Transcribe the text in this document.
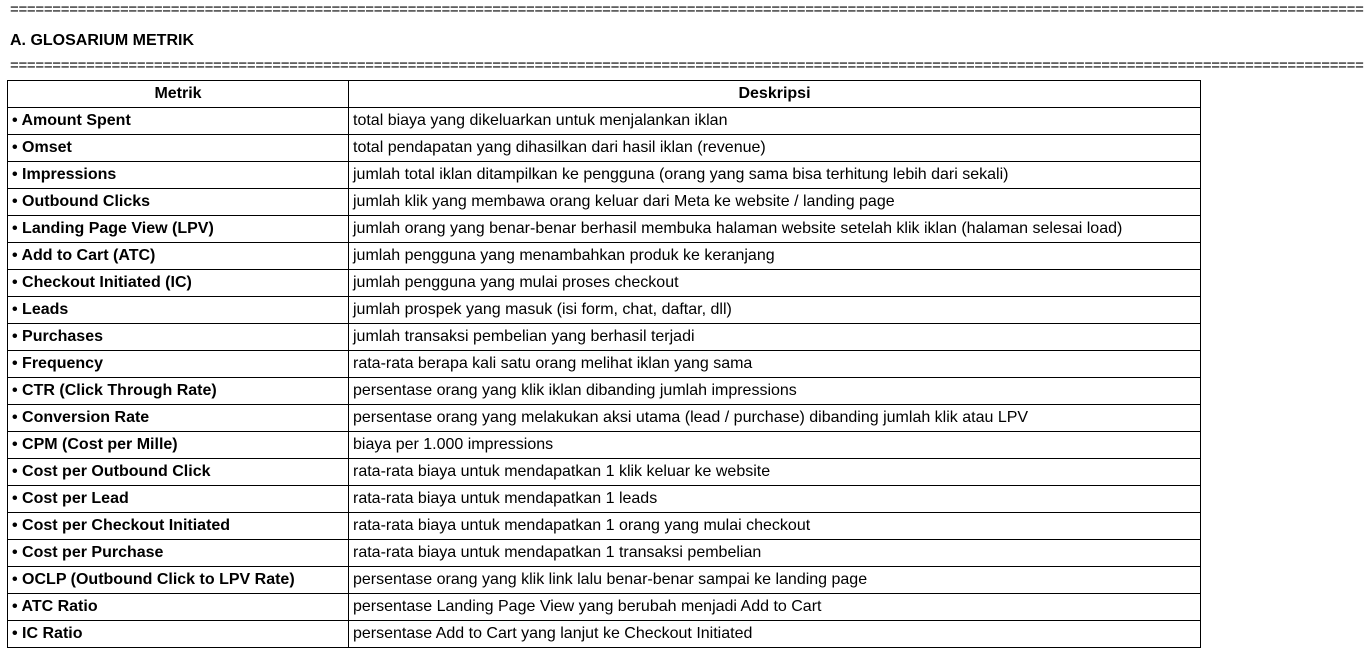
================================================================================================================================================================
A. GLOSARIUM METRIK
================================================================================================================================================================
Metrik	Deskripsi
• Amount Spent	total biaya yang dikeluarkan untuk menjalankan iklan
• Omset	total pendapatan yang dihasilkan dari hasil iklan (revenue)
• Impressions	jumlah total iklan ditampilkan ke pengguna (orang yang sama bisa terhitung lebih dari sekali)
• Outbound Clicks	jumlah klik yang membawa orang keluar dari Meta ke website / landing page
• Landing Page View (LPV)	jumlah orang yang benar-benar berhasil membuka halaman website setelah klik iklan (halaman selesai load)
• Add to Cart (ATC)	jumlah pengguna yang menambahkan produk ke keranjang
• Checkout Initiated (IC)	jumlah pengguna yang mulai proses checkout
• Leads	jumlah prospek yang masuk (isi form, chat, daftar, dll)
• Purchases	jumlah transaksi pembelian yang berhasil terjadi
• Frequency	rata-rata berapa kali satu orang melihat iklan yang sama
• CTR (Click Through Rate)	persentase orang yang klik iklan dibanding jumlah impressions
• Conversion Rate	persentase orang yang melakukan aksi utama (lead / purchase) dibanding jumlah klik atau LPV
• CPM (Cost per Mille)	biaya per 1.000 impressions
• Cost per Outbound Click	rata-rata biaya untuk mendapatkan 1 klik keluar ke website
• Cost per Lead	rata-rata biaya untuk mendapatkan 1 leads
• Cost per Checkout Initiated	rata-rata biaya untuk mendapatkan 1 orang yang mulai checkout
• Cost per Purchase	rata-rata biaya untuk mendapatkan 1 transaksi pembelian
• OCLP (Outbound Click to LPV Rate)	persentase orang yang klik link lalu benar-benar sampai ke landing page
• ATC Ratio	persentase Landing Page View yang berubah menjadi Add to Cart
• IC Ratio	persentase Add to Cart yang lanjut ke Checkout Initiated
